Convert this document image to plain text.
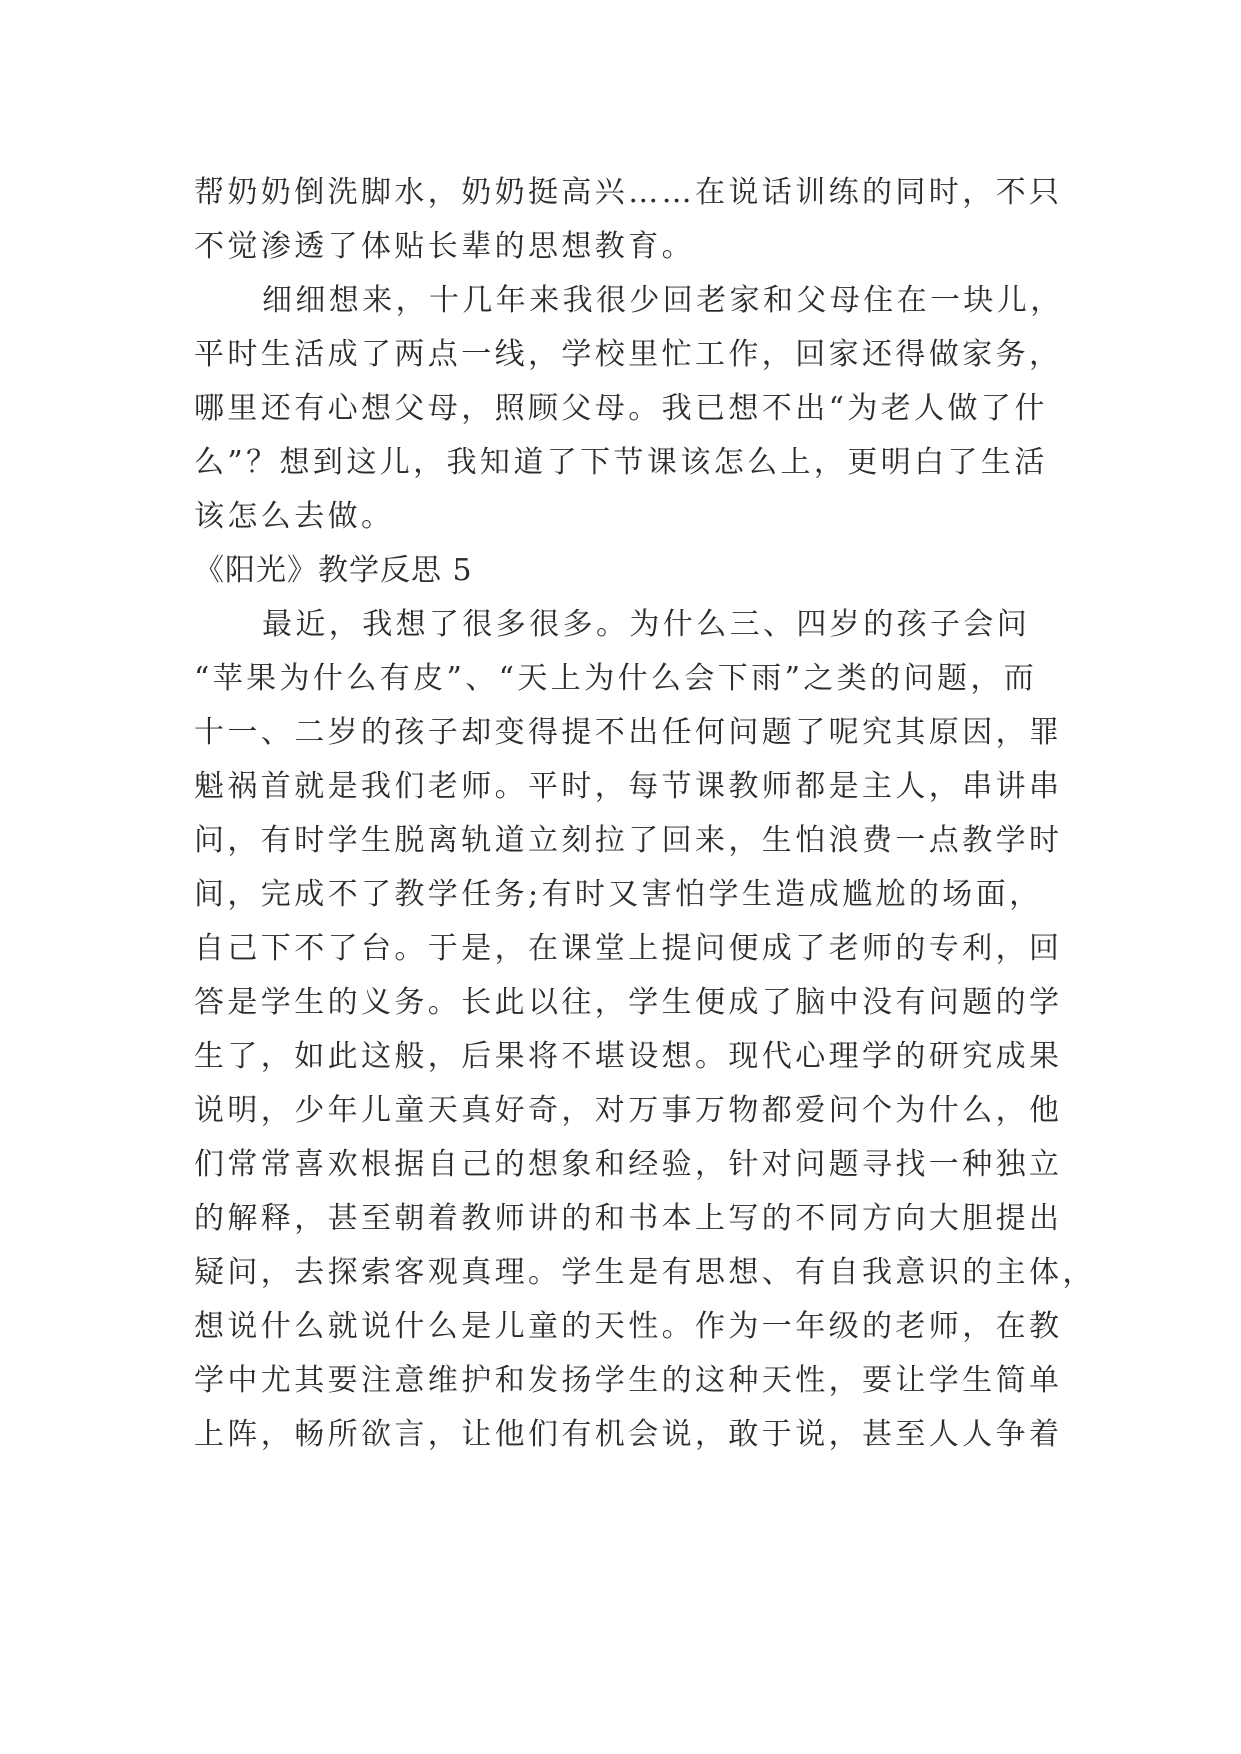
帮奶奶倒洗脚水，奶奶挺高兴……在说话训练的同时，不只
不觉渗透了体贴长辈的思想教育。
细细想来，十几年来我很少回老家和父母住在一块儿，
平时生活成了两点一线，学校里忙工作，回家还得做家务，
哪里还有心想父母，照顾父母。我已想不出“为老人做了什
么”？想到这儿，我知道了下节课该怎么上，更明白了生活
该怎么去做。
《阳光》教学反思 5
最近，我想了很多很多。为什么三、四岁的孩子会问
“苹果为什么有皮”、“天上为什么会下雨”之类的问题，而
十一、二岁的孩子却变得提不出任何问题了呢究其原因，罪
魁祸首就是我们老师。平时，每节课教师都是主人，串讲串
问，有时学生脱离轨道立刻拉了回来，生怕浪费一点教学时
间，完成不了教学任务;有时又害怕学生造成尴尬的场面，
自己下不了台。于是，在课堂上提问便成了老师的专利，回
答是学生的义务。长此以往，学生便成了脑中没有问题的学
生了，如此这般，后果将不堪设想。现代心理学的研究成果
说明，少年儿童天真好奇，对万事万物都爱问个为什么，他
们常常喜欢根据自己的想象和经验，针对问题寻找一种独立
的解释，甚至朝着教师讲的和书本上写的不同方向大胆提出
疑问，去探索客观真理。学生是有思想、有自我意识的主体，
想说什么就说什么是儿童的天性。作为一年级的老师，在教
学中尤其要注意维护和发扬学生的这种天性，要让学生简单
上阵，畅所欲言，让他们有机会说，敢于说，甚至人人争着
